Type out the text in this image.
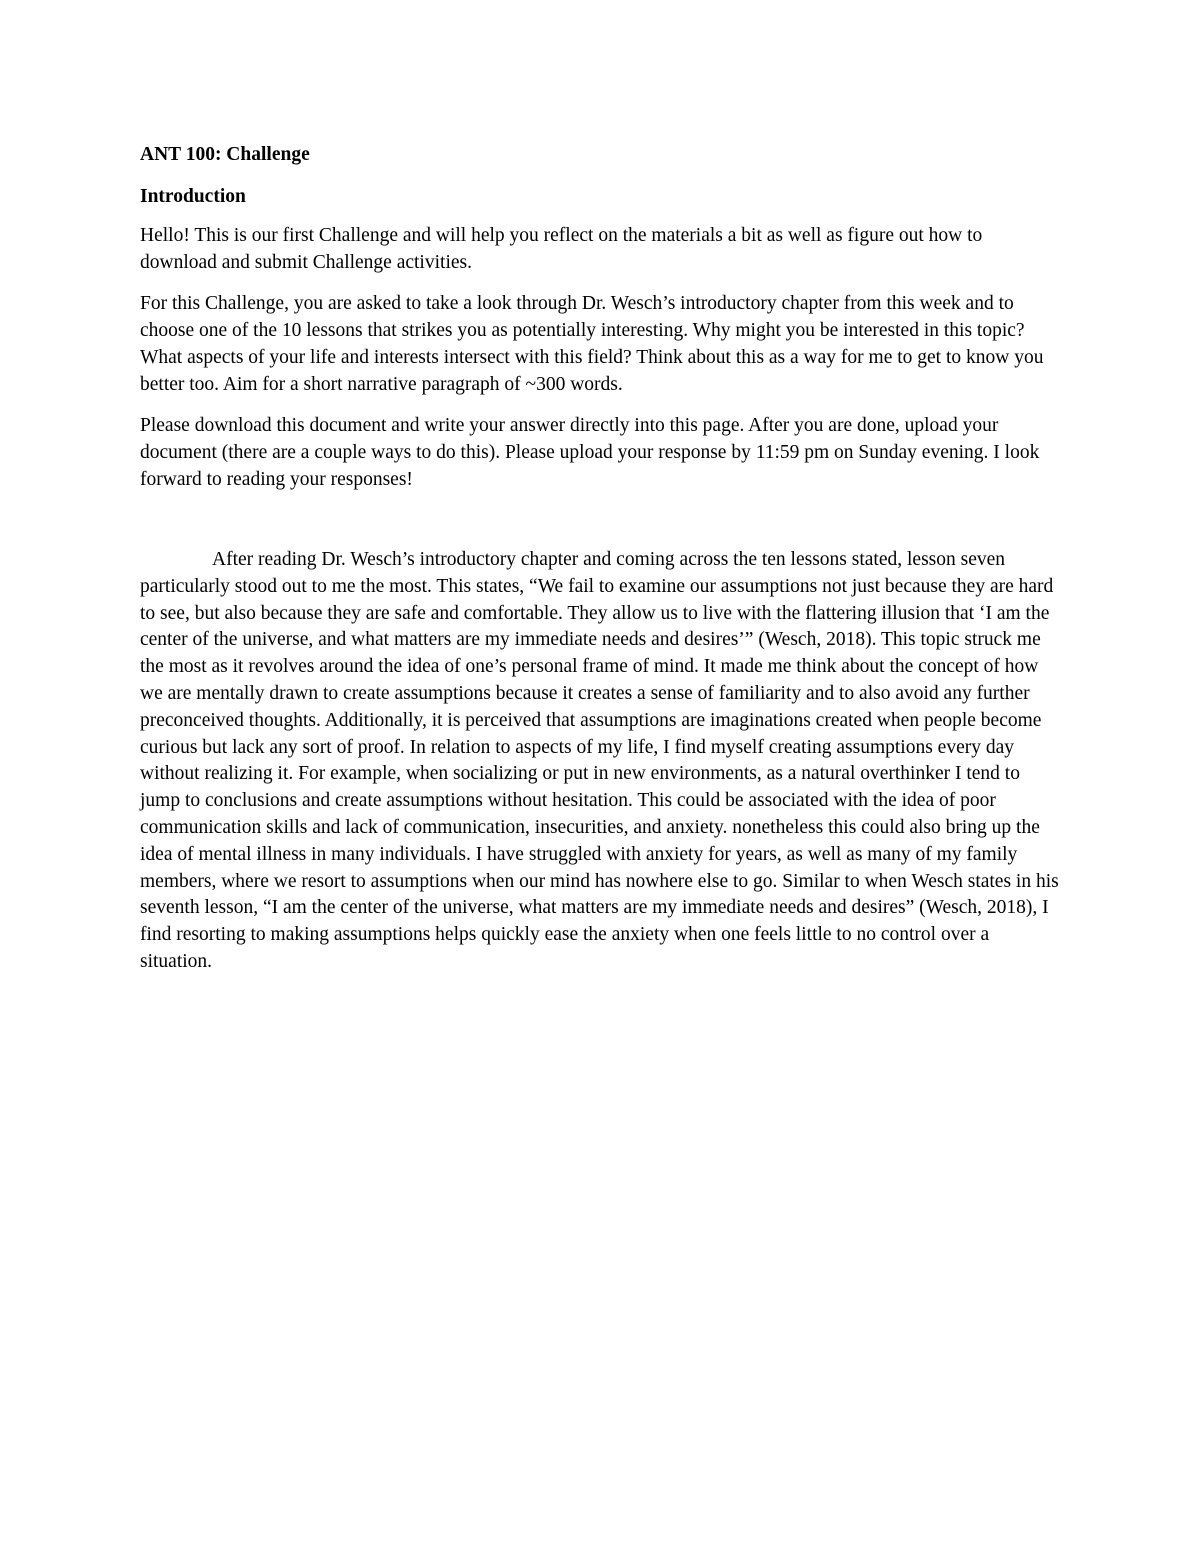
ANT 100: Challenge
Introduction

Hello! This is our first Challenge and will help you reflect on the materials a bit as well as figure out how to download and submit Challenge activities.

For this Challenge, you are asked to take a look through Dr. Wesch’s introductory chapter from this week and to choose one of the 10 lessons that strikes you as potentially interesting. Why might you be interested in this topic? What aspects of your life and interests intersect with this field? Think about this as a way for me to get to know you better too. Aim for a short narrative paragraph of ~300 words.

Please download this document and write your answer directly into this page. After you are done, upload your document (there are a couple ways to do this). Please upload your response by 11:59 pm on Sunday evening. I look forward to reading your responses!

After reading Dr. Wesch’s introductory chapter and coming across the ten lessons stated, lesson seven particularly stood out to me the most. This states, “We fail to examine our assumptions not just because they are hard to see, but also because they are safe and comfortable. They allow us to live with the flattering illusion that ‘I am the center of the universe, and what matters are my immediate needs and desires’” (Wesch, 2018). This topic struck me the most as it revolves around the idea of one’s personal frame of mind. It made me think about the concept of how we are mentally drawn to create assumptions because it creates a sense of familiarity and to also avoid any further preconceived thoughts. Additionally, it is perceived that assumptions are imaginations created when people become curious but lack any sort of proof. In relation to aspects of my life, I find myself creating assumptions every day without realizing it. For example, when socializing or put in new environments, as a natural overthinker I tend to jump to conclusions and create assumptions without hesitation. This could be associated with the idea of poor communication skills and lack of communication, insecurities, and anxiety. nonetheless this could also bring up the idea of mental illness in many individuals. I have struggled with anxiety for years, as well as many of my family members, where we resort to assumptions when our mind has nowhere else to go. Similar to when Wesch states in his seventh lesson, “I am the center of the universe, what matters are my immediate needs and desires” (Wesch, 2018), I find resorting to making assumptions helps quickly ease the anxiety when one feels little to no control over a situation.
